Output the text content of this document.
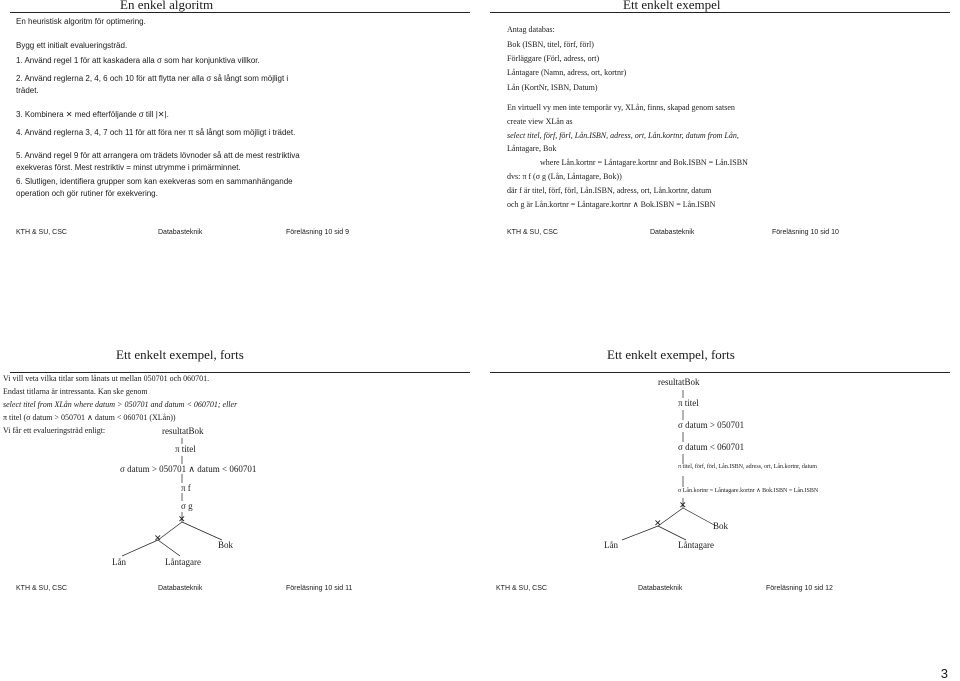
En enkel algoritm
En heuristisk algoritm för optimering.
Bygg ett initialt evalueringsträd.
1. Använd regel 1 för att kaskadera alla σ som har konjunktiva villkor.
2. Använd reglerna 2, 4, 6 och 10 för att flytta ner alla σ så långt som möjligt i
trädet.
3. Kombinera ✕ med efterföljande σ till |✕|.
4. Använd reglerna 3, 4, 7 och 11 för att föra ner π så långt som möjligt i trädet.
5. Använd regel 9 för att arrangera om trädets lövnoder så att de mest restriktiva
exekveras först. Mest restriktiv = minst utrymme i primärminnet.
6. Slutligen, identifiera grupper som kan exekveras som en sammanhängande
operation och gör rutiner för exekvering.
KTH & SU, CSC	Databasteknik	Föreläsning 10 sid 9
Ett enkelt exempel
Antag databas:
Bok (ISBN, titel, förf, förl)
Förläggare (Förl, adress, ort)
Låntagare (Namn, adress, ort, kortnr)
Lån (KortNr, ISBN, Datum)
En virtuell vy men inte temporär vy, XLån, finns, skapad genom satsen
create view XLån as
select titel, förf, förl, Lån.ISBN, adress, ort, Lån.kortnr, datum from Lån,
Låntagare, Bok
where Lån.kortnr = Låntagare.kortnr and Bok.ISBN = Lån.ISBN
dvs: π f (σ g (Lån, Låntagare, Bok))
där f är titel, förf, förl, Lån.ISBN, adress, ort, Lån.kortnr, datum
och g är Lån.kortnr = Låntagare.kortnr ∧ Bok.ISBN = Lån.ISBN
KTH & SU, CSC	Databasteknik	Föreläsning 10 sid 10
Ett enkelt exempel, forts
Vi vill veta vilka titlar som lånats ut mellan 050701 och 060701.
Endast titlarna är intressanta. Kan ske genom
select titel from XLån where datum > 050701 and datum < 060701; eller
π titel (σ datum > 050701 ∧ datum < 060701 (XLån))
Vi får ett evalueringsträd enligt:	resultatBok
π titel
σ datum > 050701 ∧ datum < 060701
π f
σ g
✕
✕
Lån	Låntagare
Bok
KTH & SU, CSC	Databasteknik	Föreläsning 10 sid 11
Ett enkelt exempel, forts
resultatBok
π titel
σ datum > 050701
σ datum < 060701
π titel, förf, förl, Lån.ISBN, adress, ort, Lån.kortnr, datum
σ Lån.kortnr = Låntagare.kortnr ∧ Bok.ISBN = Lån.ISBN
✕
✕
Lån	Låntagare
Bok
KTH & SU, CSC	Databasteknik	Föreläsning 10 sid 12
3
